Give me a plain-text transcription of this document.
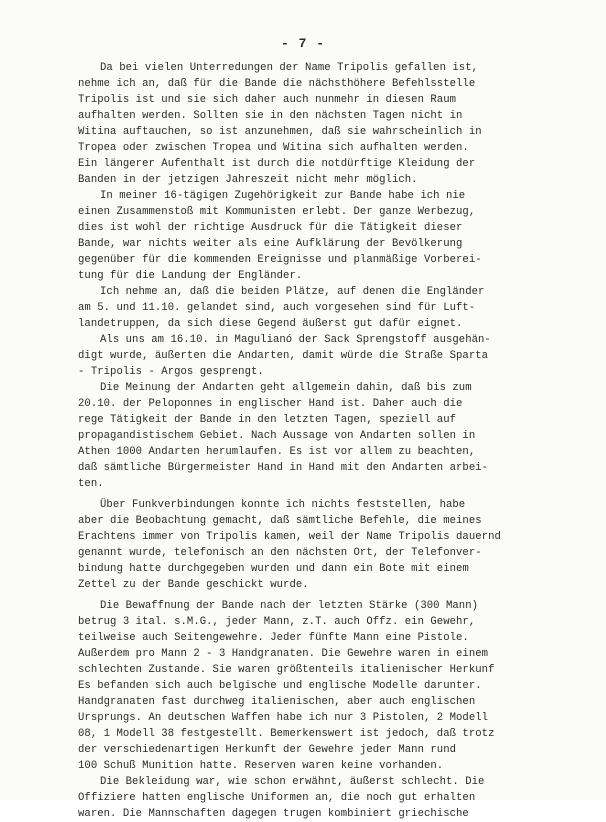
- 7 -
Da bei vielen Unterredungen der Name Tripolis gefallen ist,
nehme ich an, daß für die Bande die nächsthöhere Befehlsstelle
Tripolis ist und sie sich daher auch nunmehr in diesen Raum
aufhalten werden. Sollten sie in den nächsten Tagen nicht in
Witina auftauchen, so ist anzunehmen, daß sie wahrscheinlich in
Tropea oder zwischen Tropea und Witina sich aufhalten werden.
Ein längerer Aufenthalt ist durch die notdürftige Kleidung der
Banden in der jetzigen Jahreszeit nicht mehr möglich.
In meiner 16-tägigen Zugehörigkeit zur Bande habe ich nie
einen Zusammenstoß mit Kommunisten erlebt. Der ganze Werbezug,
dies ist wohl der richtige Ausdruck für die Tätigkeit dieser
Bande, war nichts weiter als eine Aufklärung der Bevölkerung
gegenüber für die kommenden Ereignisse und planmäßige Vorberei-
tung für die Landung der Engländer.
Ich nehme an, daß die beiden Plätze, auf denen die Engländer
am 5. und 11.10. gelandet sind, auch vorgesehen sind für Luft-
landetruppen, da sich diese Gegend äußerst gut dafür eignet.
Als uns am 16.10. in Magulianó der Sack Sprengstoff ausgehän-
digt wurde, äußerten die Andarten, damit würde die Straße Sparta
- Tripolis - Argos gesprengt.
Die Meinung der Andarten geht allgemein dahin, daß bis zum
20.10. der Peloponnes in englischer Hand ist. Daher auch die
rege Tätigkeit der Bande in den letzten Tagen, speziell auf
propagandistischem Gebiet. Nach Aussage von Andarten sollen in
Athen 1000 Andarten herumlaufen. Es ist vor allem zu beachten,
daß sämtliche Bürgermeister Hand in Hand mit den Andarten arbei-
ten.
Über Funkverbindungen konnte ich nichts feststellen, habe
aber die Beobachtung gemacht, daß sämtliche Befehle, die meines
Erachtens immer von Tripolis kamen, weil der Name Tripolis dauernd
genannt wurde, telefonisch an den nächsten Ort, der Telefonver-
bindung hatte durchgegeben wurden und dann ein Bote mit einem
Zettel zu der Bande geschickt wurde.
Die Bewaffnung der Bande nach der letzten Stärke (300 Mann)
betrug 3 ital. s.M.G., jeder Mann, z.T. auch Offz. ein Gewehr,
teilweise auch Seitengewehre. Jeder fünfte Mann eine Pistole.
Außerdem pro Mann 2 - 3 Handgranaten. Die Gewehre waren in einem
schlechten Zustande. Sie waren größtenteils italienischer Herkunf
Es befanden sich auch belgische und englische Modelle darunter.
Handgranaten fast durchweg italienischen, aber auch englischen
Ursprungs. An deutschen Waffen habe ich nur 3 Pistolen, 2 Modell
08, 1 Modell 38 festgestellt. Bemerkenswert ist jedoch, daß trotz
der verschiedenartigen Herkunft der Gewehre jeder Mann rund
100 Schuß Munition hatte. Reserven waren keine vorhanden.
Die Bekleidung war, wie schon erwähnt, äußerst schlecht. Die
Offiziere hatten englische Uniformen an, die noch gut erhalten
waren. Die Mannschaften dagegen trugen kombiniert griechische
